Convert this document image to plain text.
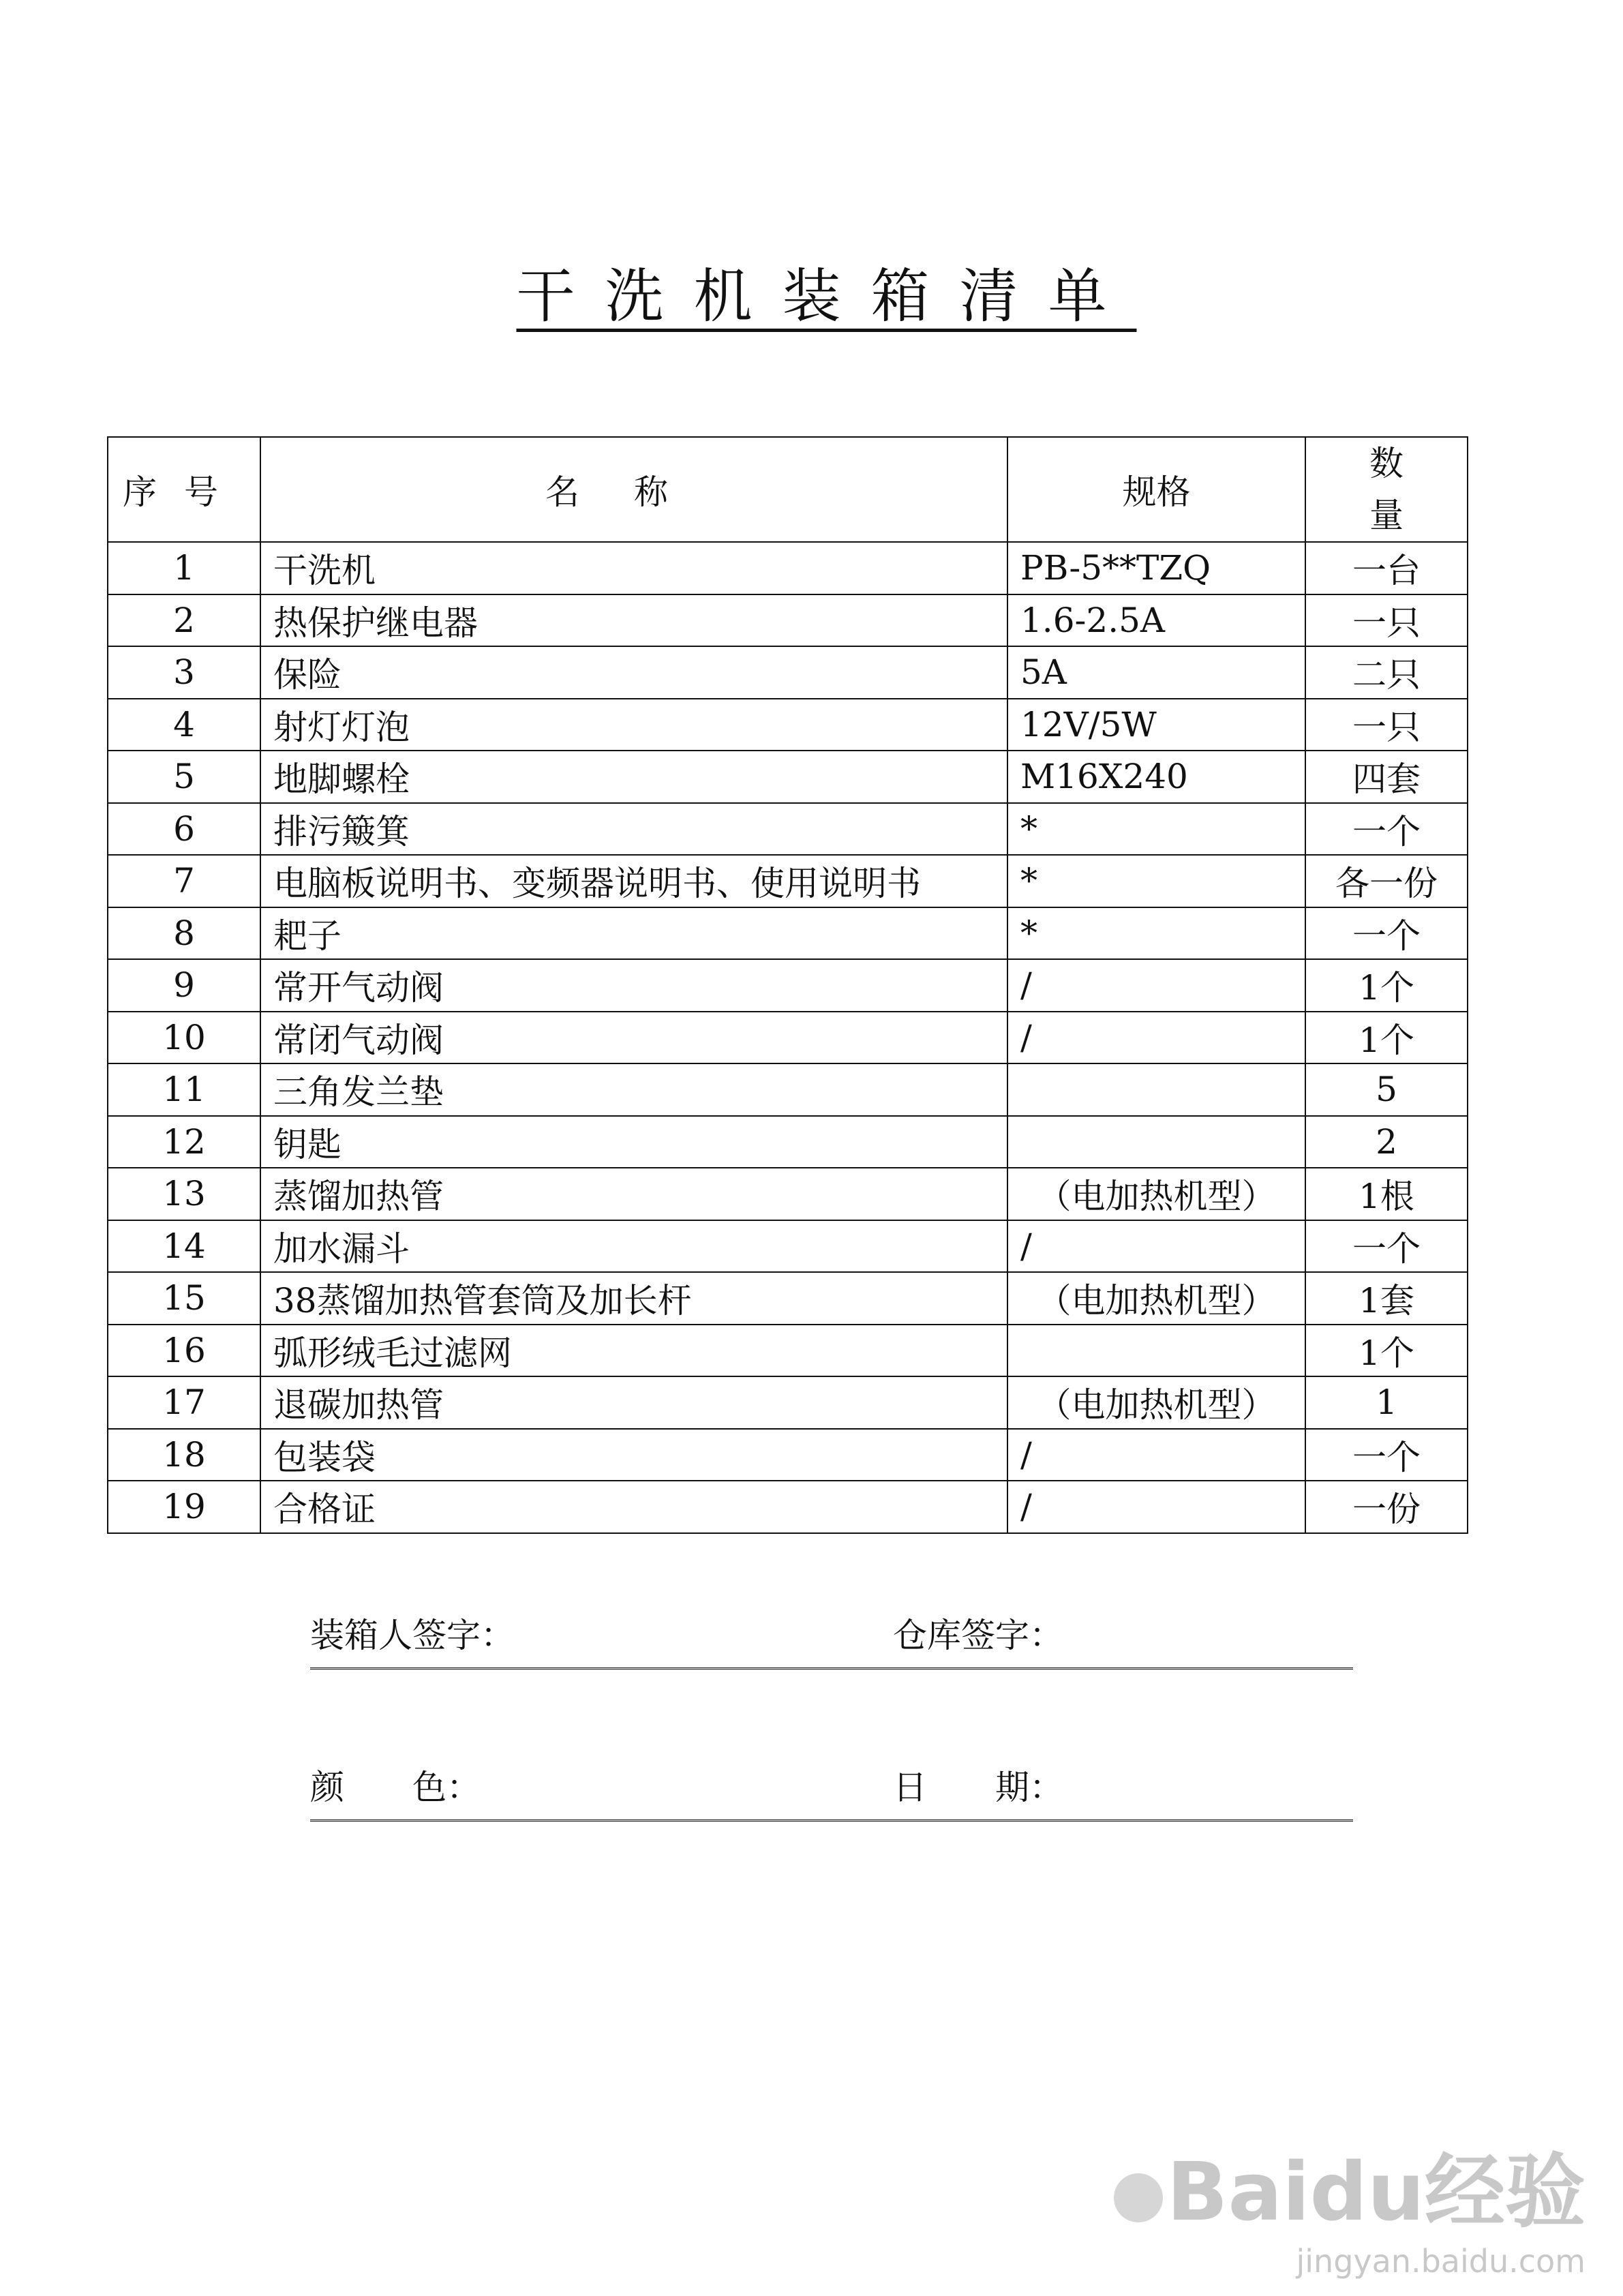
干洗机装箱清单
序号	名称	规格	数量
1	干洗机	PB-5**TZQ	一台
2	热保护继电器	1.6-2.5A	一只
3	保险	5A	二只
4	射灯灯泡	12V/5W	一只
5	地脚螺栓	M16X240	四套
6	排污簸箕	*	一个
7	电脑板说明书、变频器说明书、使用说明书	*	各一份
8	耙子	*	一个
9	常开气动阀	/	1个
10	常闭气动阀	/	1个
11	三角发兰垫		5
12	钥匙		2
13	蒸馏加热管	（电加热机型）	1根
14	加水漏斗	/	一个
15	38蒸馏加热管套筒及加长杆	（电加热机型）	1套
16	弧形绒毛过滤网		1个
17	退碳加热管	（电加热机型）	1
18	包装袋	/	一个
19	合格证	/	一份
装箱人签字：	仓库签字：
颜　　色：	日　　期：
Baidu经验
jingyan.baidu.com
